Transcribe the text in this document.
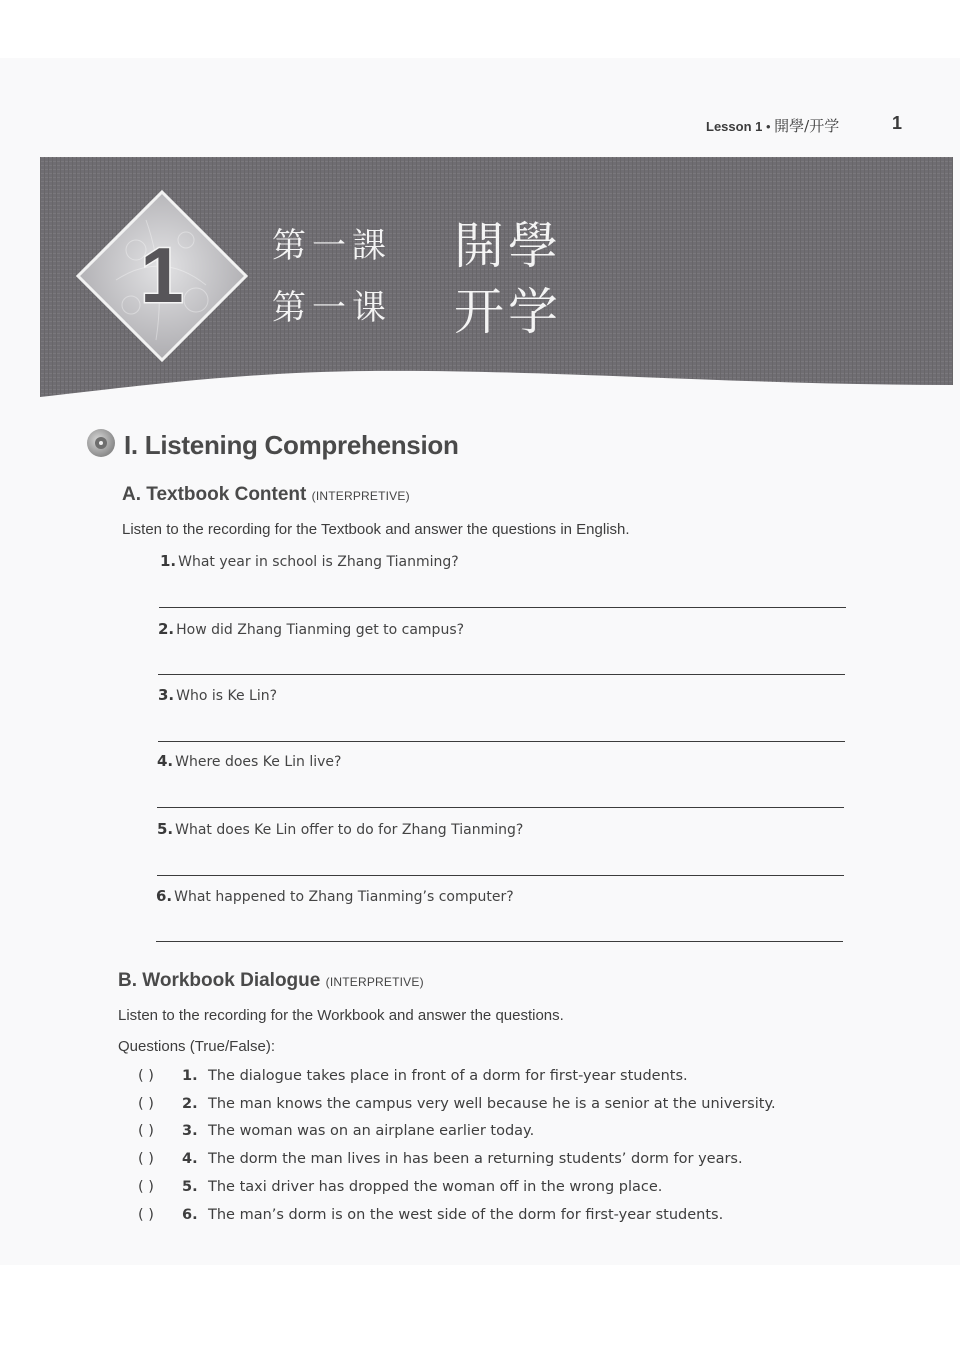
Lesson 1 • 開學/开学	1
1	第一課 開學
第一课 开学
I. Listening Comprehension
A. Textbook Content (INTERPRETIVE)
Listen to the recording for the Textbook and answer the questions in English.
1. What year in school is Zhang Tianming?
2. How did Zhang Tianming get to campus?
3. Who is Ke Lin?
4. Where does Ke Lin live?
5. What does Ke Lin offer to do for Zhang Tianming?
6. What happened to Zhang Tianming’s computer?
B. Workbook Dialogue (INTERPRETIVE)
Listen to the recording for the Workbook and answer the questions.
Questions (True/False):
( )	1. The dialogue takes place in front of a dorm for first-year students.
( )	2. The man knows the campus very well because he is a senior at the university.
( )	3. The woman was on an airplane earlier today.
( )	4. The dorm the man lives in has been a returning students’ dorm for years.
( )	5. The taxi driver has dropped the woman off in the wrong place.
( )	6. The man’s dorm is on the west side of the dorm for first-year students.
